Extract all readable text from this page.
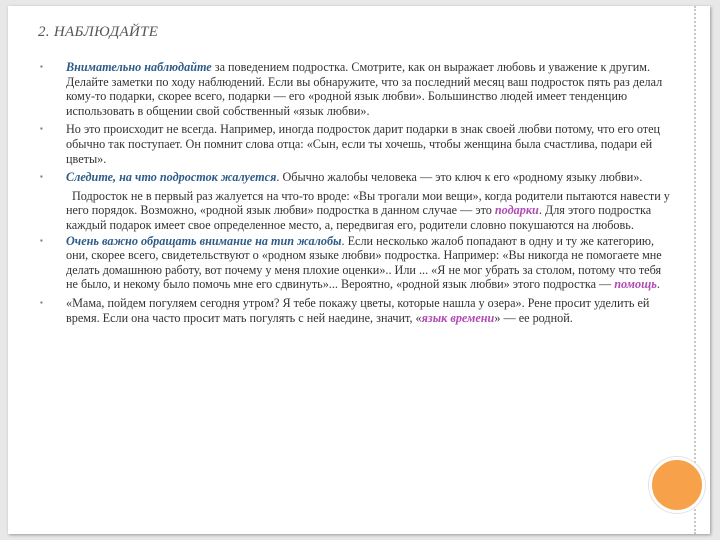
2. НАБЛЮДАЙТЕ
▪ Внимательно наблюдайте за поведением подростка. Смотрите, как он выражает любовь и уважение к другим. Делайте заметки по ходу наблюдений. Если вы обнаружите, что за последний месяц ваш подросток пять раз делал кому-то подарки, скорее всего, подарки — его «родной язык любви». Большинство людей имеет тенденцию использовать в общении свой собственный «язык любви».
▪ Но это происходит не всегда. Например, иногда подросток дарит подарки в знак своей любви потому, что его отец обычно так поступает. Он помнит слова отца: «Сын, если ты хочешь, чтобы женщина была счастлива, подари ей цветы».
▪ Следите, на что подросток жалуется. Обычно жалобы человека — это ключ к его «родному языку любви».
Подросток не в первый раз жалуется на что-то вроде: «Вы трогали мои вещи», когда родители пытаются навести у него порядок. Возможно, «родной язык любви» подростка в данном случае — это подарки. Для этого подростка каждый подарок имеет свое определенное место, а, передвигая его, родители словно покушаются на любовь.
▪ Очень важно обращать внимание на тип жалобы. Если несколько жалоб попадают в одну и ту же категорию, они, скорее всего, свидетельствуют о «родном языке любви» подростка. Например: «Вы никогда не помогаете мне делать домашнюю работу, вот почему у меня плохие оценки».. Или ... «Я не мог убрать за столом, потому что тебя не было, и некому было помочь мне его сдвинуть»... Вероятно, «родной язык любви» этого подростка — помощь.
▪ «Мама, пойдем погуляем сегодня утром? Я тебе покажу цветы, которые нашла у озера». Рене просит уделить ей время. Если она часто просит мать погулять с ней наедине, значит, «язык времени» — ее родной.
